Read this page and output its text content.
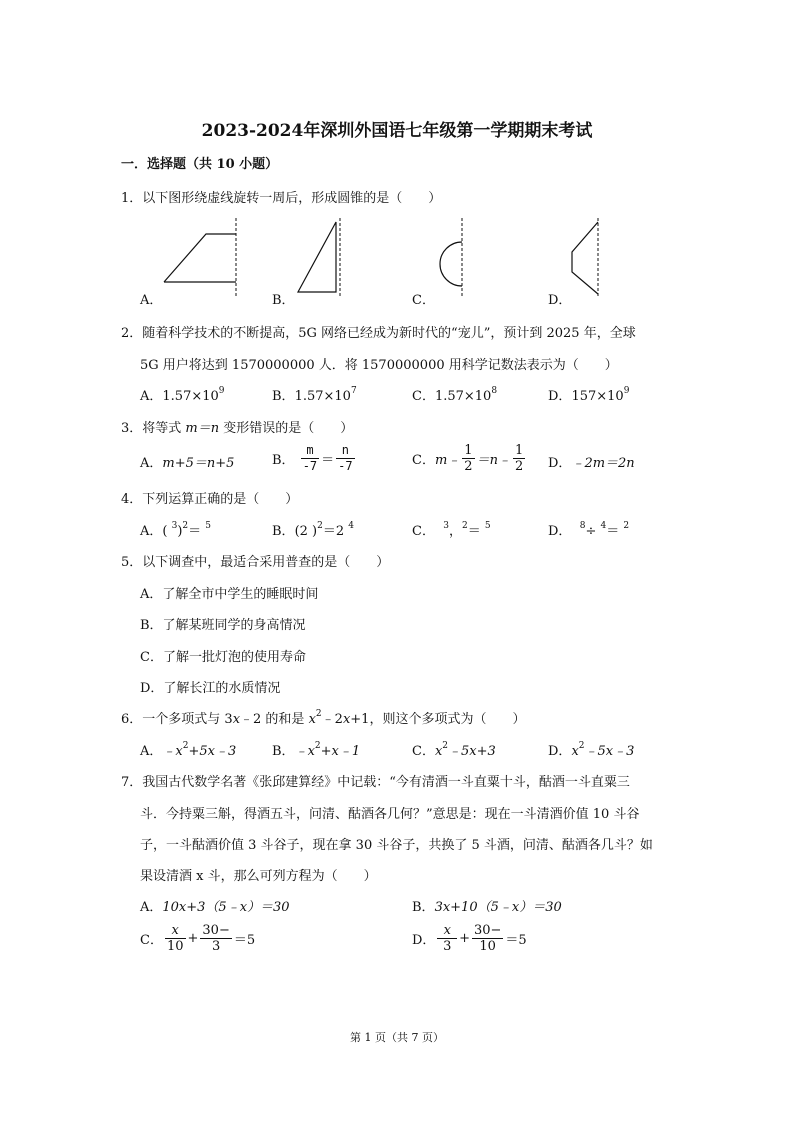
2023-2024年深圳外国语七年级第一学期期末考试
一．选择题（共 10 小题）
1．以下图形绕虚线旋转一周后，形成圆锥的是（　　）
A．	B．	C．	D．
2．随着科学技术的不断提高，5G 网络已经成为新时代的“宠儿”，预计到 2025 年，全球
5G 用户将达到 1570000000 人．将 1570000000 用科学记数法表示为（　　）
A．$1.57\times 10^9$	B．$1.57\times 10^7$	C．$1.57\times 10^8$	D．$157\times 10^9$
3．将等式 m＝n 变形错误的是（　　）
A．m+5＝n+5	B． $\frac{m}{-7} = \frac{n}{-7}$	C．m﹣ $\frac{1}{2}$ ＝n﹣ $\frac{1}{2}$ D．﹣2m＝2n
4．下列运算正确的是（　　）
A．( $^3$)$^2$＝ $^5$	B．(2 )$^2$＝2 $^4$	C． $^3$，$^2$＝ $^5$	D． $^8$÷ $^4$＝ $^2$
5．以下调查中，最适合采用普查的是（　　）
A．了解全市中学生的睡眠时间
B．了解某班同学的身高情况
C．了解一批灯泡的使用寿命
D．了解长江的水质情况
6．一个多项式与 3x﹣2 的和是 $x^2﹣2x+1$，则这个多项式为（　　）
A．$﹣x^2+5x﹣3$	B．$﹣x^2+x﹣1$	C．$x^2﹣5x+3$	D．$x^2﹣5x﹣3$
7．我国古代数学名著《张邱建算经》中记载：“今有清酒一斗直粟十斗，酤酒一斗直粟三
斗．今持粟三斛，得酒五斗，问清、酤酒各几何？”意思是：现在一斗清酒价值 10 斗谷
子，一斗酤酒价值 3 斗谷子，现在拿 30 斗谷子，共换了 5 斗酒，问清、酤酒各几斗？如
果设清酒 x 斗，那么可列方程为（　　）
A．10x+3（5﹣x）＝30	B．3x+10（5﹣x）＝30
C． $\frac{x}{10} + \frac{30-}{3} =5$	D． $\frac{x}{3} + \frac{30-}{10} =5$
第 1 页（共 7 页）
